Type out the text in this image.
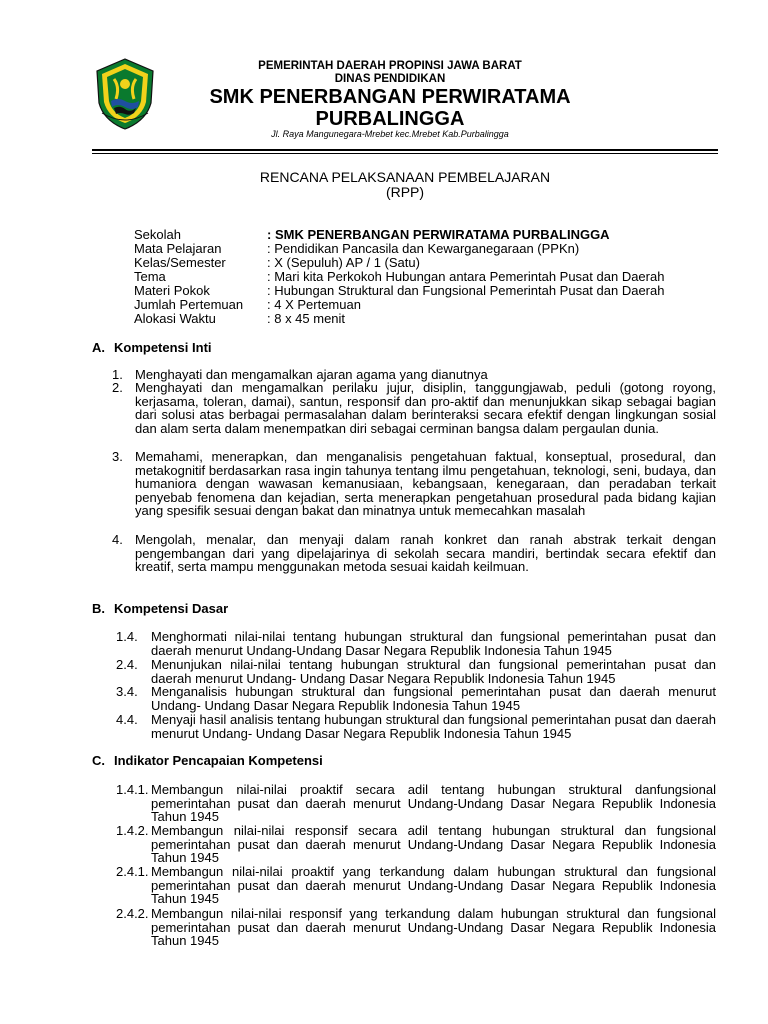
PEMERINTAH DAERAH PROPINSI JAWA BARAT
DINAS PENDIDIKAN
SMK PENERBANGAN PERWIRATAMA
PURBALINGGA
Jl. Raya Mangunegara-Mrebet kec.Mrebet Kab.Purbalingga
RENCANA PELAKSANAAN PEMBELAJARAN
(RPP)
Sekolah	: SMK PENERBANGAN PERWIRATAMA PURBALINGGA
Mata Pelajaran	: Pendidikan Pancasila dan Kewarganegaraan (PPKn)
Kelas/Semester	: X (Sepuluh) AP / 1 (Satu)
Tema	: Mari kita Perkokoh Hubungan antara Pemerintah Pusat dan Daerah
Materi Pokok	: Hubungan Struktural dan Fungsional Pemerintah Pusat dan Daerah
Jumlah Pertemuan : 4 X Pertemuan
Alokasi Waktu	: 8 x 45 menit
A. Kompetensi Inti
1. Menghayati dan mengamalkan ajaran agama yang dianutnya
2. Menghayati dan mengamalkan perilaku jujur, disiplin, tanggungjawab, peduli (gotong royong, kerjasama, toleran, damai), santun, responsif dan pro-aktif dan menunjukkan sikap sebagai bagian dari solusi atas berbagai permasalahan dalam berinteraksi secara efektif dengan lingkungan sosial dan alam serta dalam menempatkan diri sebagai cerminan bangsa dalam pergaulan dunia.
3. Memahami, menerapkan, dan menganalisis pengetahuan faktual, konseptual, prosedural, dan metakognitif berdasarkan rasa ingin tahunya tentang ilmu pengetahuan, teknologi, seni, budaya, dan humaniora dengan wawasan kemanusiaan, kebangsaan, kenegaraan, dan peradaban terkait penyebab fenomena dan kejadian, serta menerapkan pengetahuan prosedural pada bidang kajian yang spesifik sesuai dengan bakat dan minatnya untuk memecahkan masalah
4. Mengolah, menalar, dan menyaji dalam ranah konkret dan ranah abstrak terkait dengan pengembangan dari yang dipelajarinya di sekolah secara mandiri, bertindak secara efektif dan kreatif, serta mampu menggunakan metoda sesuai kaidah keilmuan.
B. Kompetensi Dasar
1.4. Menghormati nilai-nilai tentang hubungan struktural dan fungsional pemerintahan pusat dan daerah menurut Undang-Undang Dasar Negara Republik Indonesia Tahun 1945
2.4. Menunjukan nilai-nilai tentang hubungan struktural dan fungsional pemerintahan pusat dan daerah menurut Undang- Undang Dasar Negara Republik Indonesia Tahun 1945
3.4. Menganalisis hubungan struktural dan fungsional pemerintahan pusat dan daerah menurut Undang- Undang Dasar Negara Republik Indonesia Tahun 1945
4.4. Menyaji hasil analisis tentang hubungan struktural dan fungsional pemerintahan pusat dan daerah menurut Undang- Undang Dasar Negara Republik Indonesia Tahun 1945
C. Indikator Pencapaian Kompetensi
1.4.1. Membangun nilai-nilai proaktif secara adil tentang hubungan struktural danfungsional pemerintahan pusat dan daerah menurut Undang-Undang Dasar Negara Republik Indonesia Tahun 1945
1.4.2. Membangun nilai-nilai responsif secara adil tentang hubungan struktural dan fungsional pemerintahan pusat dan daerah menurut Undang-Undang Dasar Negara Republik Indonesia Tahun 1945
2.4.1. Membangun nilai-nilai proaktif yang terkandung dalam hubungan struktural dan fungsional pemerintahan pusat dan daerah menurut Undang-Undang Dasar Negara Republik Indonesia Tahun 1945
2.4.2. Membangun nilai-nilai responsif yang terkandung dalam hubungan struktural dan fungsional pemerintahan pusat dan daerah menurut Undang-Undang Dasar Negara Republik Indonesia Tahun 1945
